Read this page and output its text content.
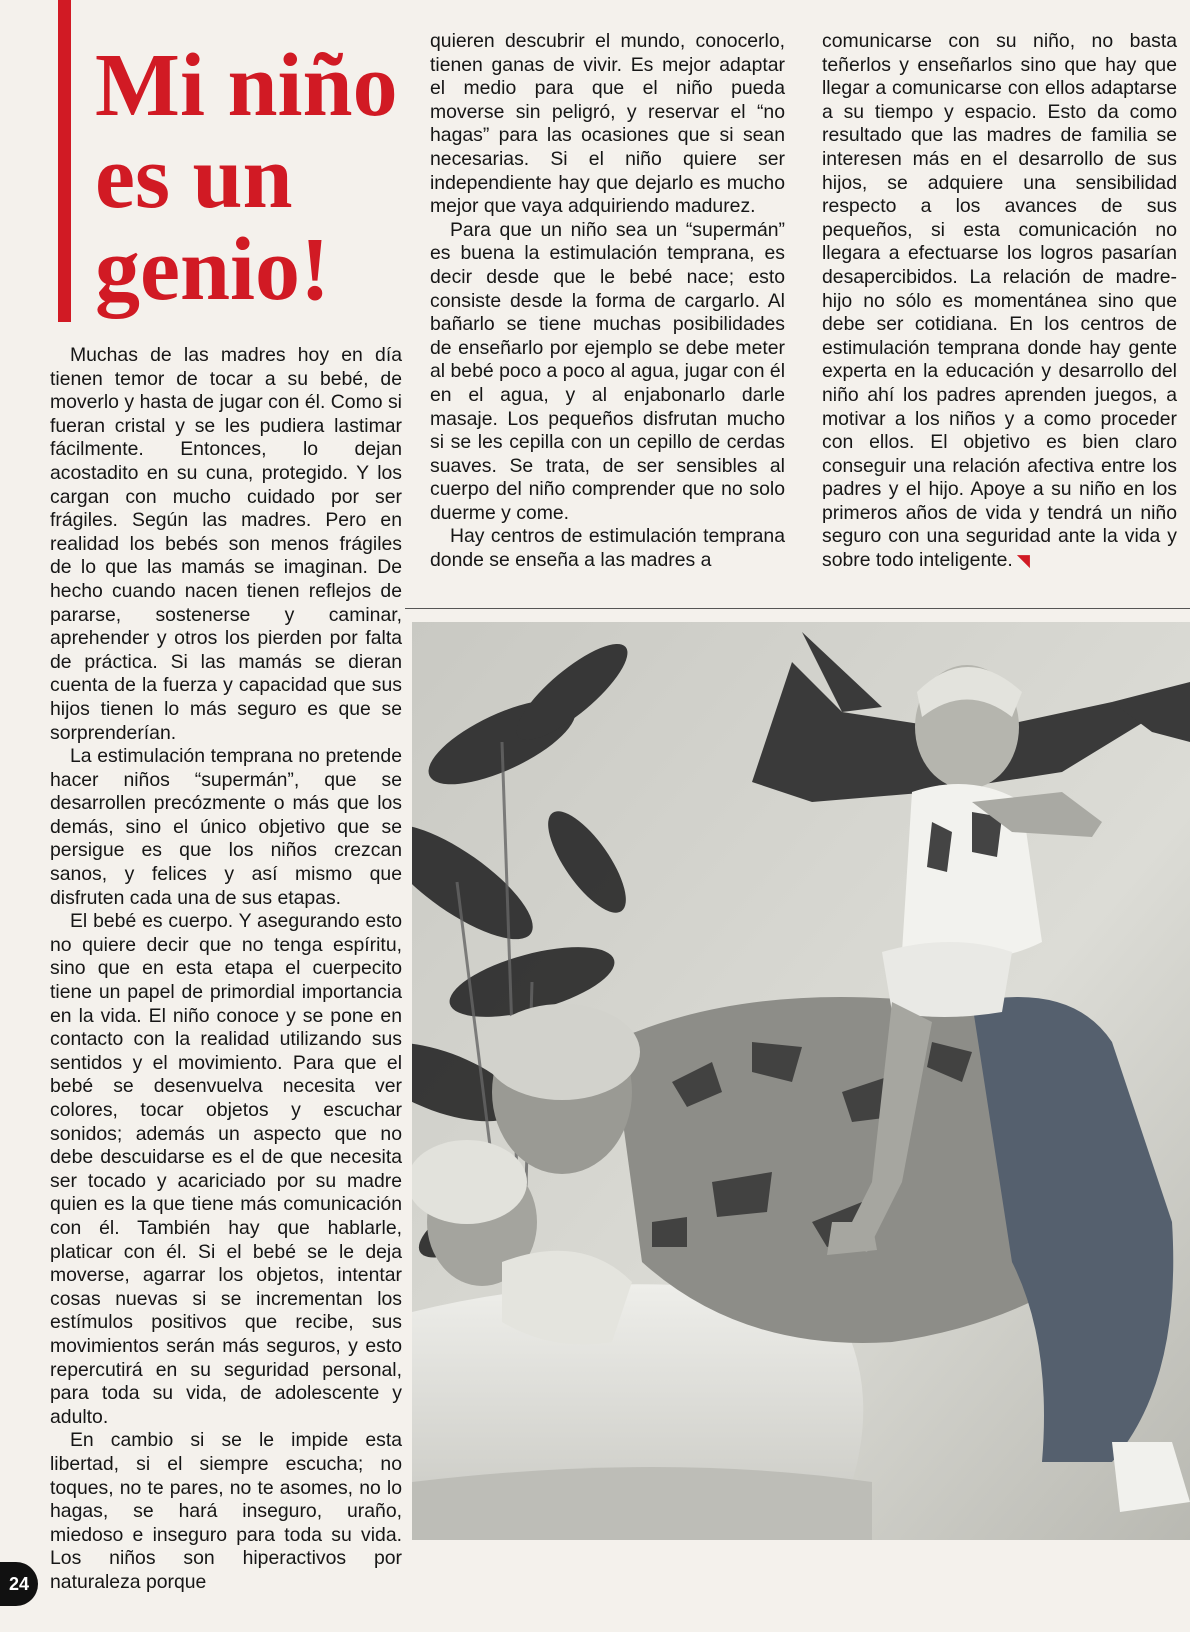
Mi niño
es un
genio!

Muchas de las madres hoy en día tienen temor de tocar a su bebé, de moverlo y hasta de jugar con él. Como si fueran cristal y se les pudiera lastimar fácilmente. Entonces, lo dejan acostadito en su cuna, protegido. Y los cargan con mucho cuidado por ser frágiles. Según las madres. Pero en realidad los bebés son menos frágiles de lo que las mamás se imaginan. De hecho cuando nacen tienen reflejos de pararse, sostenerse y caminar, aprehender y otros los pierden por falta de práctica. Si las mamás se dieran cuenta de la fuerza y capacidad que sus hijos tienen lo más seguro es que se sorprenderían.

La estimulación temprana no pretende hacer niños “supermán”, que se desarrollen precózmente o más que los demás, sino el único objetivo que se persigue es que los niños crezcan sanos, y felices y así mismo que disfruten cada una de sus etapas.

El bebé es cuerpo. Y asegurando esto no quiere decir que no tenga espíritu, sino que en esta etapa el cuerpecito tiene un papel de primordial importancia en la vida. El niño conoce y se pone en contacto con la realidad utilizando sus sentidos y el movimiento. Para que el bebé se desenvuelva necesita ver colores, tocar objetos y escuchar sonidos; además un aspecto que no debe descuidarse es el de que necesita ser tocado y acariciado por su madre quien es la que tiene más comunicación con él. También hay que hablarle, platicar con él. Si el bebé se le deja moverse, agarrar los objetos, intentar cosas nuevas si se incrementan los estímulos positivos que recibe, sus movimientos serán más seguros, y esto repercutirá en su seguridad personal, para toda su vida, de adolescente y adulto.

En cambio si se le impide esta libertad, si el siempre escucha; no toques, no te pares, no te asomes, no lo hagas, se hará inseguro, uraño, miedoso e inseguro para toda su vida. Los niños son hiperactivos por naturaleza porque

quieren descubrir el mundo, conocerlo, tienen ganas de vivir. Es mejor adaptar el medio para que el niño pueda moverse sin peligró, y reservar el “no hagas” para las ocasiones que si sean necesarias. Si el niño quiere ser independiente hay que dejarlo es mucho mejor que vaya adquiriendo madurez.

Para que un niño sea un “supermán” es buena la estimulación temprana, es decir desde que le bebé nace; esto consiste desde la forma de cargarlo. Al bañarlo se tiene muchas posibilidades de enseñarlo por ejemplo se debe meter al bebé poco a poco al agua, jugar con él en el agua, y al enjabonarlo darle masaje. Los pequeños disfrutan mucho si se les cepilla con un cepillo de cerdas suaves. Se trata, de ser sensibles al cuerpo del niño comprender que no solo duerme y come.

Hay centros de estimulación temprana donde se enseña a las madres a

comunicarse con su niño, no basta teñerlos y enseñarlos sino que hay que llegar a comunicarse con ellos adaptarse a su tiempo y espacio. Esto da como resultado que las madres de familia se interesen más en el desarrollo de sus hijos, se adquiere una sensibilidad respecto a los avances de sus pequeños, si esta comunicación no llegara a efectuarse los logros pasarían desapercibidos. La relación de madre-hijo no sólo es momentánea sino que debe ser cotidiana. En los centros de estimulación temprana donde hay gente experta en la educación y desarrollo del niño ahí los padres aprenden juegos, a motivar a los niños y a como proceder con ellos. El objetivo es bien claro conseguir una relación afectiva entre los padres y el hijo. Apoye a su niño en los primeros años de vida y tendrá un niño seguro con una seguridad ante la vida y sobre todo inteligente. ◥

24
